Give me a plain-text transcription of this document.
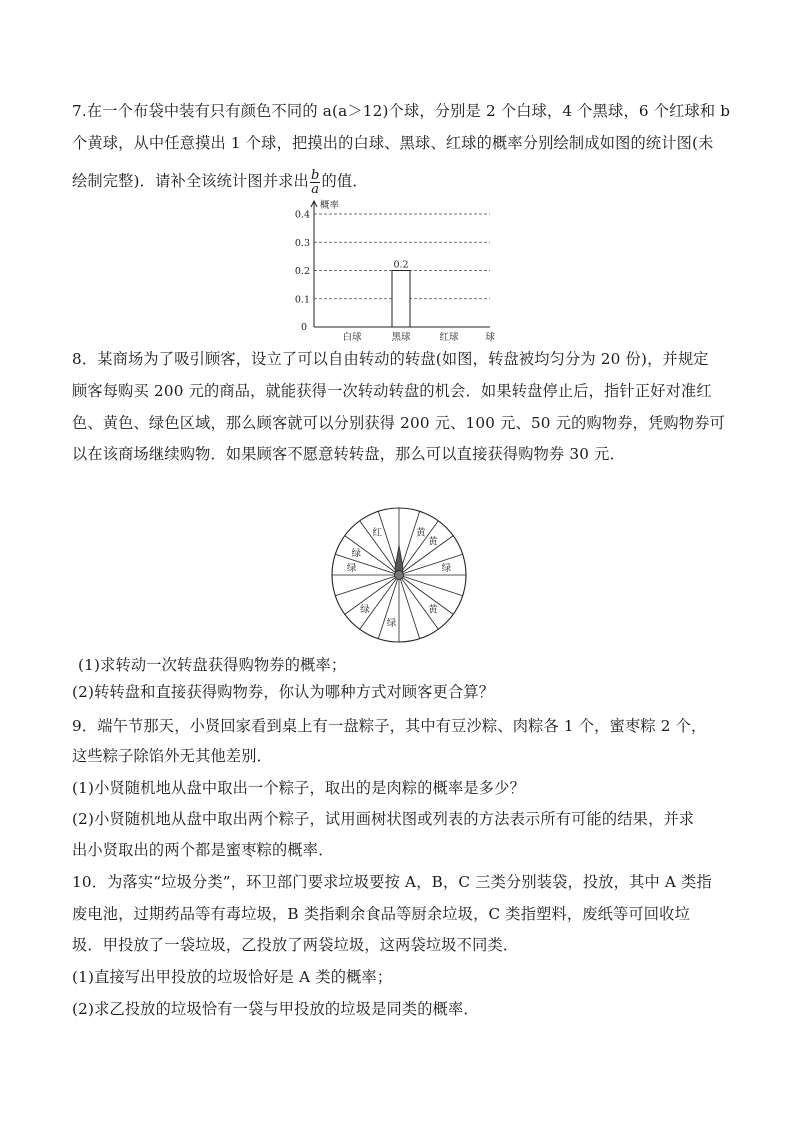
7.在一个布袋中装有只有颜色不同的 a(a＞12)个球，分别是 2 个白球，4 个黑球，6 个红球和 b
个黄球，从中任意摸出 1 个球，把摸出的白球、黑球、红球的概率分别绘制成如图的统计图(未
绘制完整)．请补全该统计图并求出 $\frac{b}{a}$ 的值．
概率
0.1
0.2
0.3
0.4
0
白球	黑球
0.2
红球	球
8．某商场为了吸引顾客，设立了可以自由转动的转盘(如图，转盘被均匀分为 20 份)，并规定
顾客每购买 200 元的商品，就能获得一次转动转盘的机会．如果转盘停止后，指针正好对准红
色、黄色、绿色区域，那么顾客就可以分别获得 200 元、100 元、50 元的购物券，凭购物券可
以在该商场继续购物．如果顾客不愿意转转盘，那么可以直接获得购物券 30 元．
红
绿
黄
绿
黄
绿
黄
绿
绿
(1)求转动一次转盘获得购物券的概率；
(2)转转盘和直接获得购物券，你认为哪种方式对顾客更合算？
9．端午节那天，小贤回家看到桌上有一盘粽子，其中有豆沙粽、肉粽各 1 个，蜜枣粽 2 个，
这些粽子除馅外无其他差别．
(1)小贤随机地从盘中取出一个粽子，取出的是肉粽的概率是多少？
(2)小贤随机地从盘中取出两个粽子，试用画树状图或列表的方法表示所有可能的结果，并求
出小贤取出的两个都是蜜枣粽的概率．
10．为落实“垃圾分类”，环卫部门要求垃圾要按 A，B，C 三类分别装袋，投放，其中 A 类指
废电池，过期药品等有毒垃圾，B 类指剩余食品等厨余垃圾，C 类指塑料，废纸等可回收垃
圾．甲投放了一袋垃圾，乙投放了两袋垃圾，这两袋垃圾不同类．
(1)直接写出甲投放的垃圾恰好是 A 类的概率；
(2)求乙投放的垃圾恰有一袋与甲投放的垃圾是同类的概率．
